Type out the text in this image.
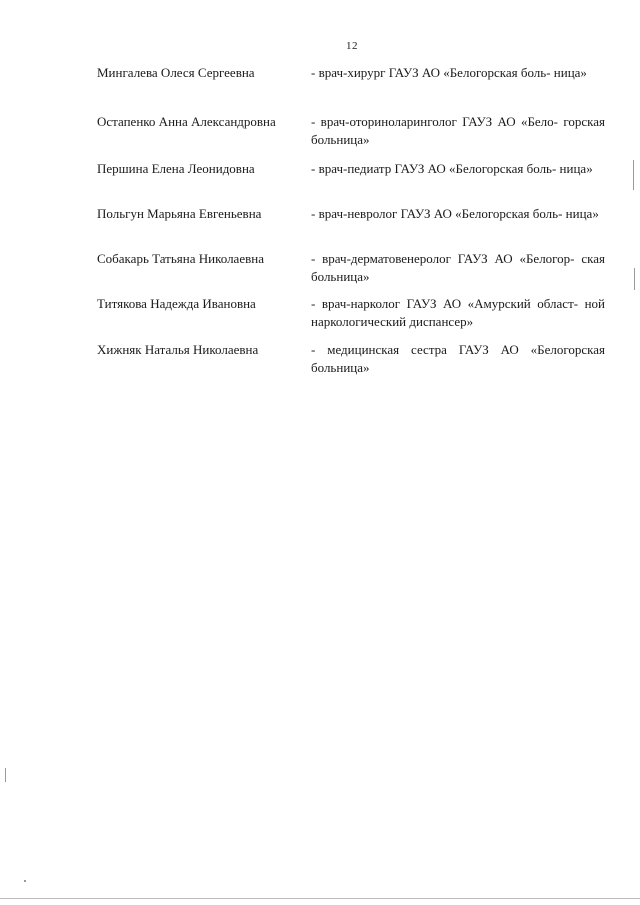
12
Мингалева Олеся Сергеевна	- врач-хирург ГАУЗ АО «Белогорская боль- ница»
Остапенко Анна Александровна	- врач-оториноларинголог ГАУЗ АО «Бело- горская больница»
Першина Елена Леонидовна	- врач-педиатр ГАУЗ АО «Белогорская боль- ница»
Польгун Марьяна Евгеньевна	- врач-невролог ГАУЗ АО «Белогорская боль- ница»
Собакарь Татьяна Николаевна	- врач-дерматовенеролог ГАУЗ АО «Белогор- ская больница»
Титякова Надежда Ивановна	- врач-нарколог ГАУЗ АО «Амурский област- ной наркологический диспансер»
Хижняк Наталья Николаевна	- медицинская сестра ГАУЗ АО «Белогорская больница»
